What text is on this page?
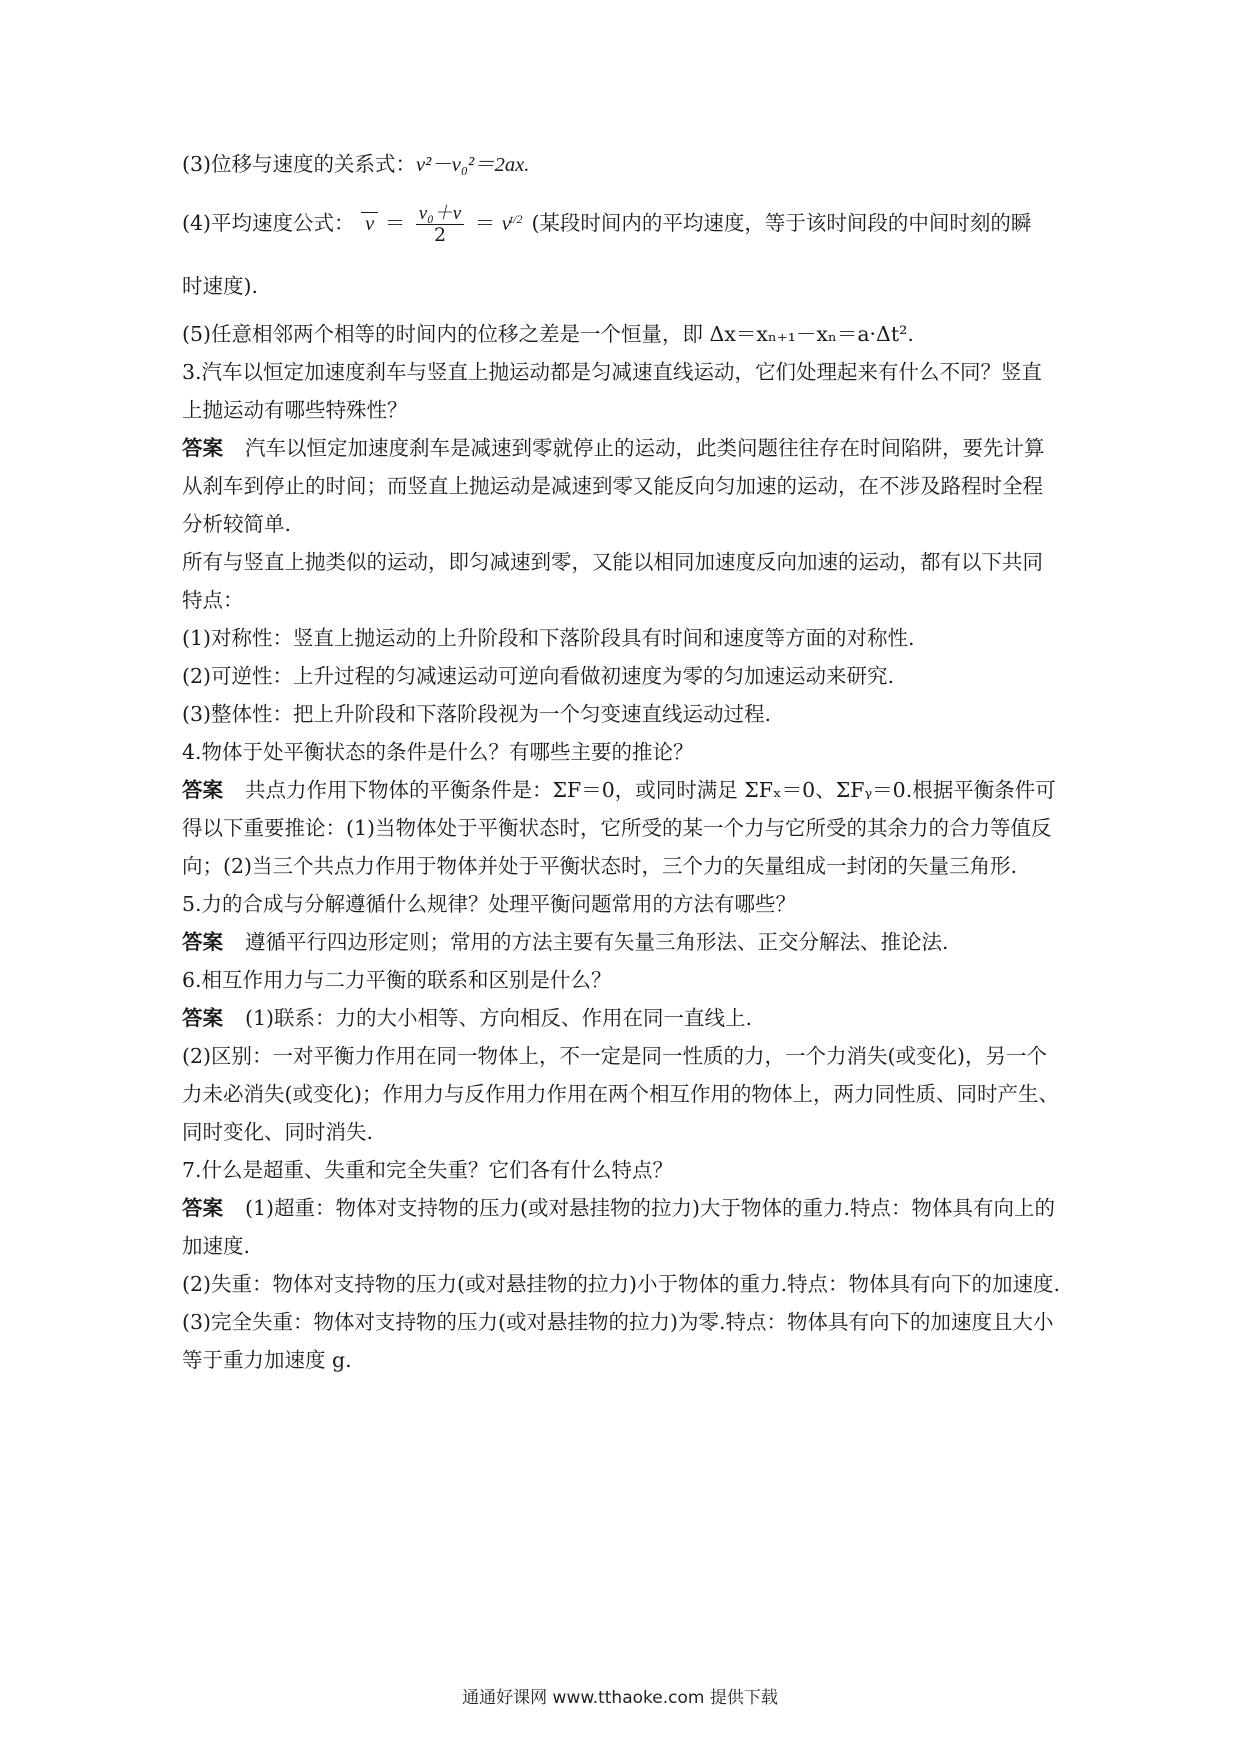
(3)位移与速度的关系式：v²－v₀²＝2ax.
(4)平均速度公式： $v = \frac{\text{v₀＋v}}{2} = v$
t/2 (某段时间内的平均速度，等于该时间段的中间时刻的瞬
时速度).
(5)任意相邻两个相等的时间内的位移之差是一个恒量，即 Δx＝xₙ₊₁－xₙ＝a·Δt².
3.汽车以恒定加速度刹车与竖直上抛运动都是匀减速直线运动，它们处理起来有什么不同？竖直上抛运动有哪些特殊性？
答案 汽车以恒定加速度刹车是减速到零就停止的运动，此类问题往往存在时间陷阱，要先计算从刹车到停止的时间；而竖直上抛运动是减速到零又能反向匀加速的运动，在不涉及路程时全程分析较简单.
所有与竖直上抛类似的运动，即匀减速到零，又能以相同加速度反向加速的运动，都有以下共同特点：
(1)对称性：竖直上抛运动的上升阶段和下落阶段具有时间和速度等方面的对称性.
(2)可逆性：上升过程的匀减速运动可逆向看做初速度为零的匀加速运动来研究.
(3)整体性：把上升阶段和下落阶段视为一个匀变速直线运动过程.
4.物体于处平衡状态的条件是什么？有哪些主要的推论？
答案 共点力作用下物体的平衡条件是：ΣF＝0，或同时满足 ΣFₓ＝0、ΣFᵧ＝0.根据平衡条件可得以下重要推论：(1)当物体处于平衡状态时，它所受的某一个力与它所受的其余力的合力等值反向；(2)当三个共点力作用于物体并处于平衡状态时，三个力的矢量组成一封闭的矢量三角形.
5.力的合成与分解遵循什么规律？处理平衡问题常用的方法有哪些？
答案 遵循平行四边形定则；常用的方法主要有矢量三角形法、正交分解法、推论法.
6.相互作用力与二力平衡的联系和区别是什么？
答案 (1)联系：力的大小相等、方向相反、作用在同一直线上.
(2)区别：一对平衡力作用在同一物体上，不一定是同一性质的力，一个力消失(或变化)，另一个力未必消失(或变化)；作用力与反作用力作用在两个相互作用的物体上，两力同性质、同时产生、同时变化、同时消失.
7.什么是超重、失重和完全失重？它们各有什么特点？
答案 (1)超重：物体对支持物的压力(或对悬挂物的拉力)大于物体的重力.特点：物体具有向上的加速度.
(2)失重：物体对支持物的压力(或对悬挂物的拉力)小于物体的重力.特点：物体具有向下的加速度.
(3)完全失重：物体对支持物的压力(或对悬挂物的拉力)为零.特点：物体具有向下的加速度且大小等于重力加速度 g.
通通好课网 www.tthaoke.com 提供下载
